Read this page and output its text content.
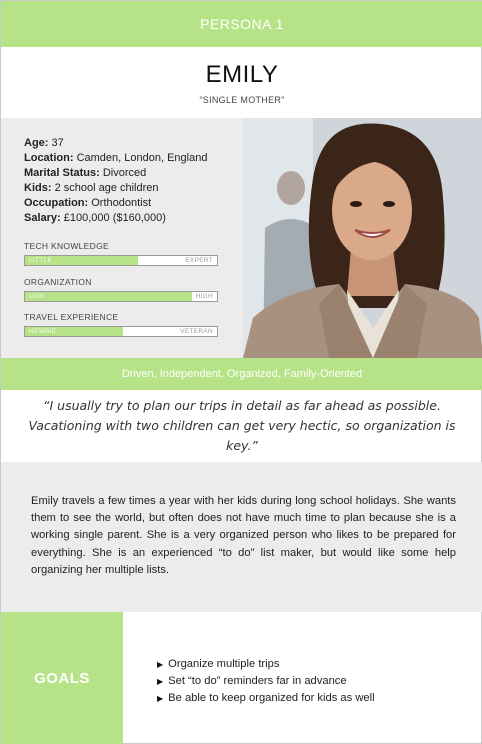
PERSONA 1
EMILY
“SINGLE MOTHER”
Age: 37
Location: Camden, London, England
Marital Status: Divorced
Kids: 2 school age children
Occupation: Orthodontist
Salary: £100,000 ($160,000)
TECH KNOWLEDGE
LITTLE	EXPERT
ORGANIZATION
LOW	HIGH
TRAVEL EXPERIENCE
NEWBIE	VETERAN
Driven, Independent, Organized, Family-Oriented

“I usually try to plan our trips in detail as far ahead as possible. Vacationing with two children can get very hectic, so organization is key.”

Emily travels a few times a year with her kids during long school holidays. She wants them to see the world, but often does not have much time to plan because she is a working single parent. She is a very organized person who likes to be prepared for everything. She is an experienced “to do” list maker, but would like some help organizing her multiple lists.

GOALS
▶ Organize multiple trips
▶ Set “to do” reminders far in advance
▶ Be able to keep organized for kids as well
